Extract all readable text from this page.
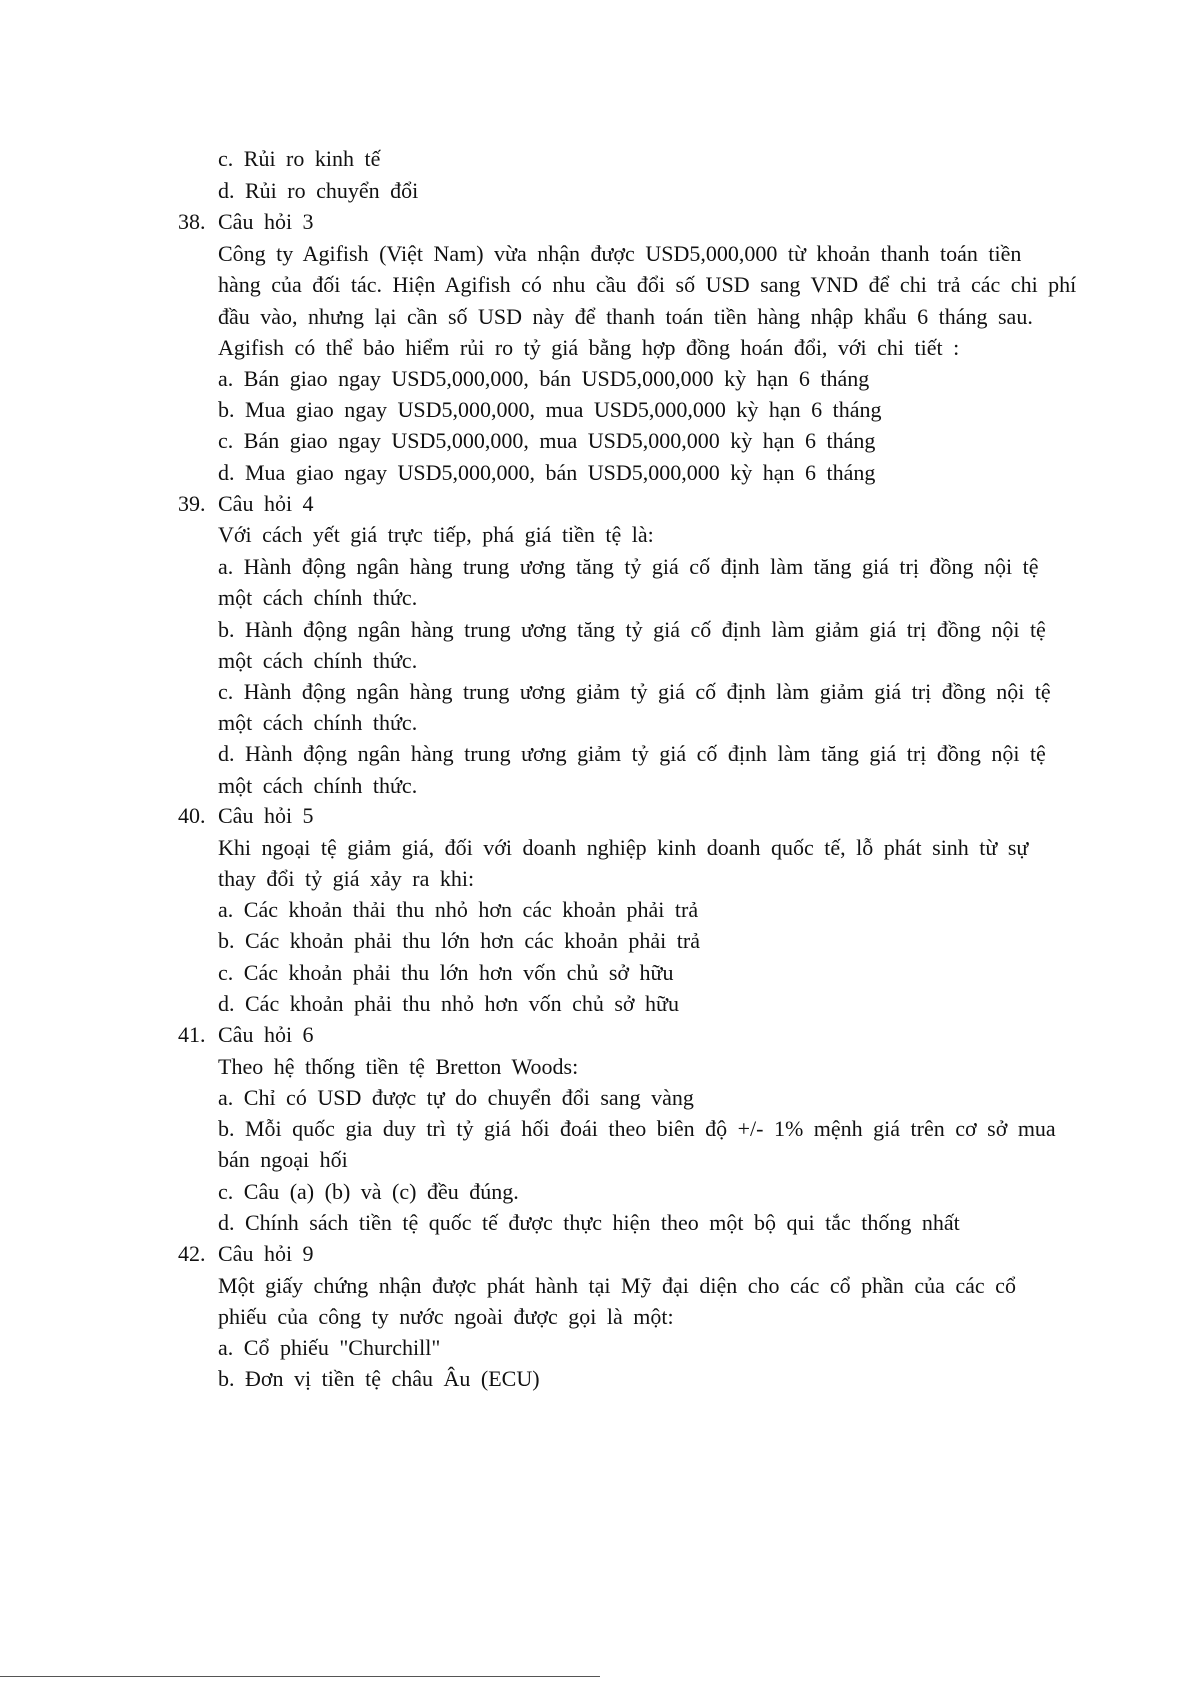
c. Rủi ro kinh tế
d. Rủi ro chuyển đổi
38. Câu hỏi 3
Công ty Agifish (Việt Nam) vừa nhận được USD5,000,000 từ khoản thanh toán tiền
hàng của đối tác. Hiện Agifish có nhu cầu đổi số USD sang VND để chi trả các chi phí
đầu vào, nhưng lại cần số USD này để thanh toán tiền hàng nhập khẩu 6 tháng sau.
Agifish có thể bảo hiểm rủi ro tỷ giá bằng hợp đồng hoán đổi, với chi tiết :
a. Bán giao ngay USD5,000,000, bán USD5,000,000 kỳ hạn 6 tháng
b. Mua giao ngay USD5,000,000, mua USD5,000,000 kỳ hạn 6 tháng
c. Bán giao ngay USD5,000,000, mua USD5,000,000 kỳ hạn 6 tháng
d. Mua giao ngay USD5,000,000, bán USD5,000,000 kỳ hạn 6 tháng
39. Câu hỏi 4
Với cách yết giá trực tiếp, phá giá tiền tệ là:
a. Hành động ngân hàng trung ương tăng tỷ giá cố định làm tăng giá trị đồng nội tệ
một cách chính thức.
b. Hành động ngân hàng trung ương tăng tỷ giá cố định làm giảm giá trị đồng nội tệ
một cách chính thức.
c. Hành động ngân hàng trung ương giảm tỷ giá cố định làm giảm giá trị đồng nội tệ
một cách chính thức.
d. Hành động ngân hàng trung ương giảm tỷ giá cố định làm tăng giá trị đồng nội tệ
một cách chính thức.
40. Câu hỏi 5
Khi ngoại tệ giảm giá, đối với doanh nghiệp kinh doanh quốc tế, lỗ phát sinh từ sự
thay đổi tỷ giá xảy ra khi:
a. Các khoản thải thu nhỏ hơn các khoản phải trả
b. Các khoản phải thu lớn hơn các khoản phải trả
c. Các khoản phải thu lớn hơn vốn chủ sở hữu
d. Các khoản phải thu nhỏ hơn vốn chủ sở hữu
41. Câu hỏi 6
Theo hệ thống tiền tệ Bretton Woods:
a. Chỉ có USD được tự do chuyển đổi sang vàng
b. Mỗi quốc gia duy trì tỷ giá hối đoái theo biên độ +/- 1% mệnh giá trên cơ sở mua
bán ngoại hối
c. Câu (a) (b) và (c) đều đúng.
d. Chính sách tiền tệ quốc tế được thực hiện theo một bộ qui tắc thống nhất
42. Câu hỏi 9
Một giấy chứng nhận được phát hành tại Mỹ đại diện cho các cổ phần của các cổ
phiếu của công ty nước ngoài được gọi là một:
a. Cổ phiếu "Churchill"
b. Đơn vị tiền tệ châu Âu (ECU)
